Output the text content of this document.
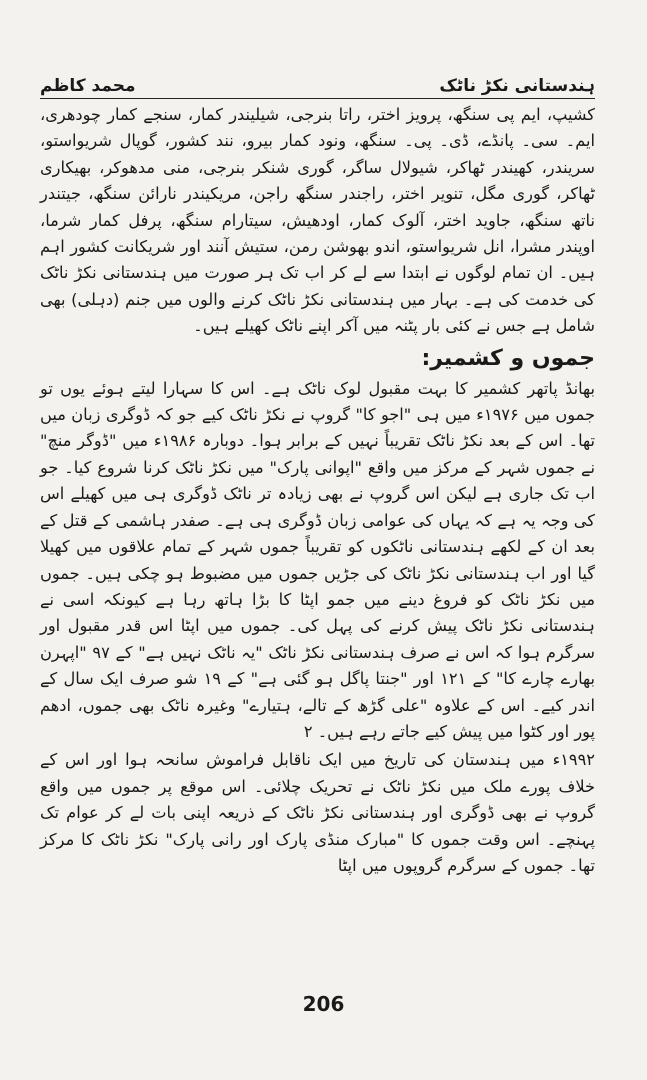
محمد کاظم	ہندستانی نکڑ ناٹک

کشیپ، ایم پی سنگھ، پرویز اختر، راتا بنرجی، شیلیندر کمار، سنجے کمار چودھری، ایم۔ سی۔ پانڈے، ڈی۔ پی۔ سنگھ، ونود کمار بیرو، نند کشور، گوپال شریواستو، سریندر، کھیندر ٹھاکر، شیولال ساگر، گوری شنکر بنرجی، منی مدھوکر، بھیکاری ٹھاکر، گوری مگل، تنویر اختر، راجندر سنگھ راجن، مریکیندر نارائن سنگھ، جیتندر ناتھ سنگھ، جاوید اختر، آلوک کمار، اودھیش، سیتارام سنگھ، پرفل کمار شرما، اوپندر مشرا، انل شریواستو، اندو بھوشن رمن، ستیش آنند اور شریکانت کشور اہم ہیں۔ ان تمام لوگوں نے ابتدا سے لے کر اب تک ہر صورت میں ہندستانی نکڑ ناٹک کی خدمت کی ہے۔ بہار میں ہندستانی نکڑ ناٹک کرنے والوں میں جنم (دہلی) بھی شامل ہے جس نے کئی بار پٹنہ میں آکر اپنے ناٹک کھیلے ہیں۔

جموں و کشمیر:

بھانڈ پاتھر کشمیر کا بہت مقبول لوک ناٹک ہے۔ اس کا سہارا لیتے ہوئے یوں تو جموں میں ۱۹۷۶ء میں ہی "اجو کا" گروپ نے نکڑ ناٹک کیے جو کہ ڈوگری زبان میں تھا۔ اس کے بعد نکڑ ناٹک تقریباً نہیں کے برابر ہوا۔ دوبارہ ۱۹۸۶ء میں "ڈوگر منچ" نے جموں شہر کے مرکز میں واقع "اپوانی پارک" میں نکڑ ناٹک کرنا شروع کیا۔ جو اب تک جاری ہے لیکن اس گروپ نے بھی زیادہ تر ناٹک ڈوگری ہی میں کھیلے اس کی وجہ یہ ہے کہ یہاں کی عوامی زبان ڈوگری ہی ہے۔ صفدر ہاشمی کے قتل کے بعد ان کے لکھے ہندستانی ناٹکوں کو تقریباً جموں شہر کے تمام علاقوں میں کھیلا گیا اور اب ہندستانی نکڑ ناٹک کی جڑیں جموں میں مضبوط ہو چکی ہیں۔ جموں میں نکڑ ناٹک کو فروغ دینے میں جمو اپٹا کا بڑا ہاتھ رہا ہے کیونکہ اسی نے ہندستانی نکڑ ناٹک پیش کرنے کی پہل کی۔ جموں میں اپٹا اس قدر مقبول اور سرگرم ہوا کہ اس نے صرف ہندستانی نکڑ ناٹک "یہ ناٹک نہیں ہے" کے ۹۷ "اپہرن بھارے چارے کا" کے ۱۲۱ اور "جنتا پاگل ہو گئی ہے" کے ۱۹ شو صرف ایک سال کے اندر کیے۔ اس کے علاوہ "علی گڑھ کے تالے، ہتیارے" وغیرہ ناٹک بھی جموں، ادھم پور اور کٹوا میں پیش کیے جاتے رہے ہیں۔ ۲

۱۹۹۲ء میں ہندستان کی تاریخ میں ایک ناقابل فراموش سانحہ ہوا اور اس کے خلاف پورے ملک میں نکڑ ناٹک نے تحریک چلائی۔ اس موقع پر جموں میں واقع گروپ نے بھی ڈوگری اور ہندستانی نکڑ ناٹک کے ذریعہ اپنی بات لے کر عوام تک پہنچے۔ اس وقت جموں کا "مبارک منڈی پارک اور رانی پارک" نکڑ ناٹک کا مرکز تھا۔ جموں کے سرگرم گروپوں میں اپٹا

206
